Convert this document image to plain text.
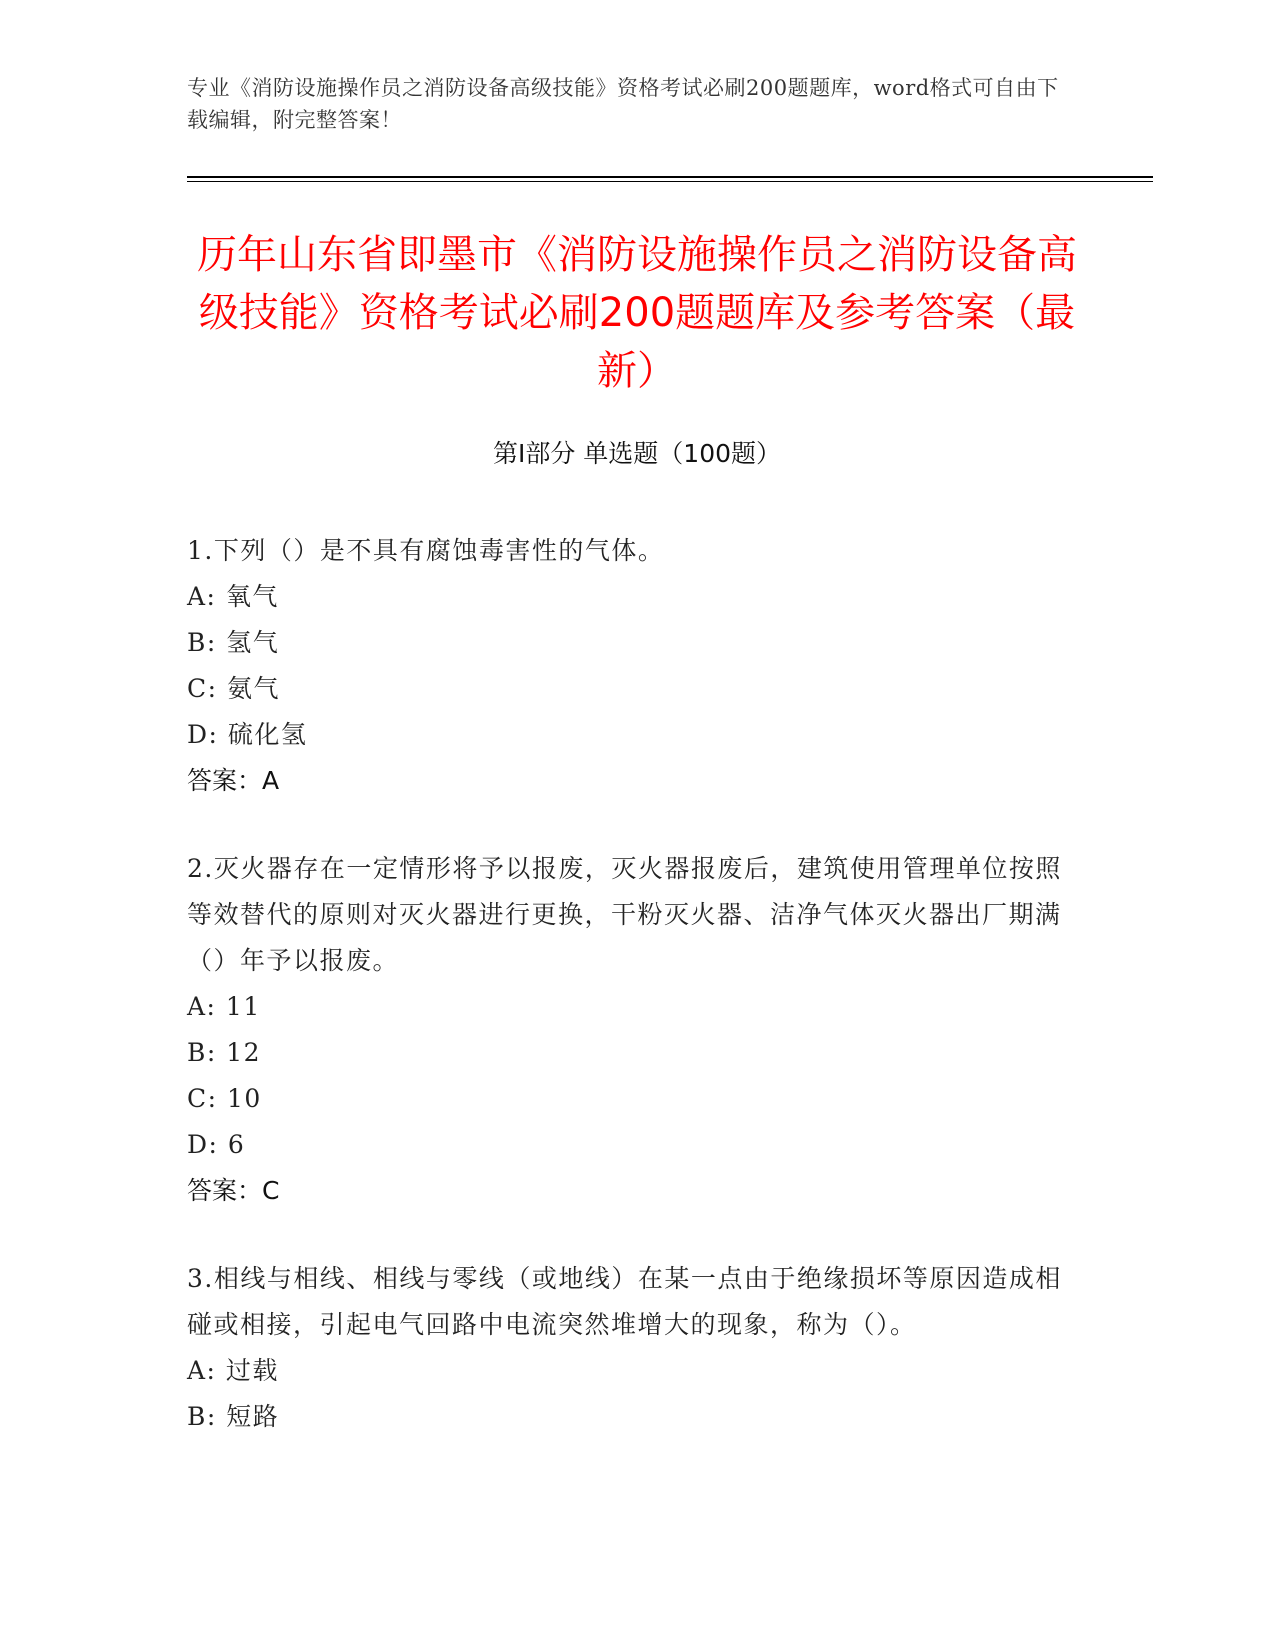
专业《消防设施操作员之消防设备高级技能》资格考试必刷200题题库，word格式可自由下载编辑，附完整答案！
历年山东省即墨市《消防设施操作员之消防设备高级技能》资格考试必刷200题题库及参考答案（最新）
第Ⅰ部分 单选题（100题）
1.下列（）是不具有腐蚀毒害性的气体。
A: 氧气
B: 氢气
C: 氨气
D: 硫化氢
答案：A
2.灭火器存在一定情形将予以报废，灭火器报废后，建筑使用管理单位按照等效替代的原则对灭火器进行更换，干粉灭火器、洁净气体灭火器出厂期满（）年予以报废。
A: 11
B: 12
C: 10
D: 6
答案：C
3.相线与相线、相线与零线（或地线）在某一点由于绝缘损坏等原因造成相碰或相接，引起电气回路中电流突然堆增大的现象，称为（）。
A: 过载
B: 短路
